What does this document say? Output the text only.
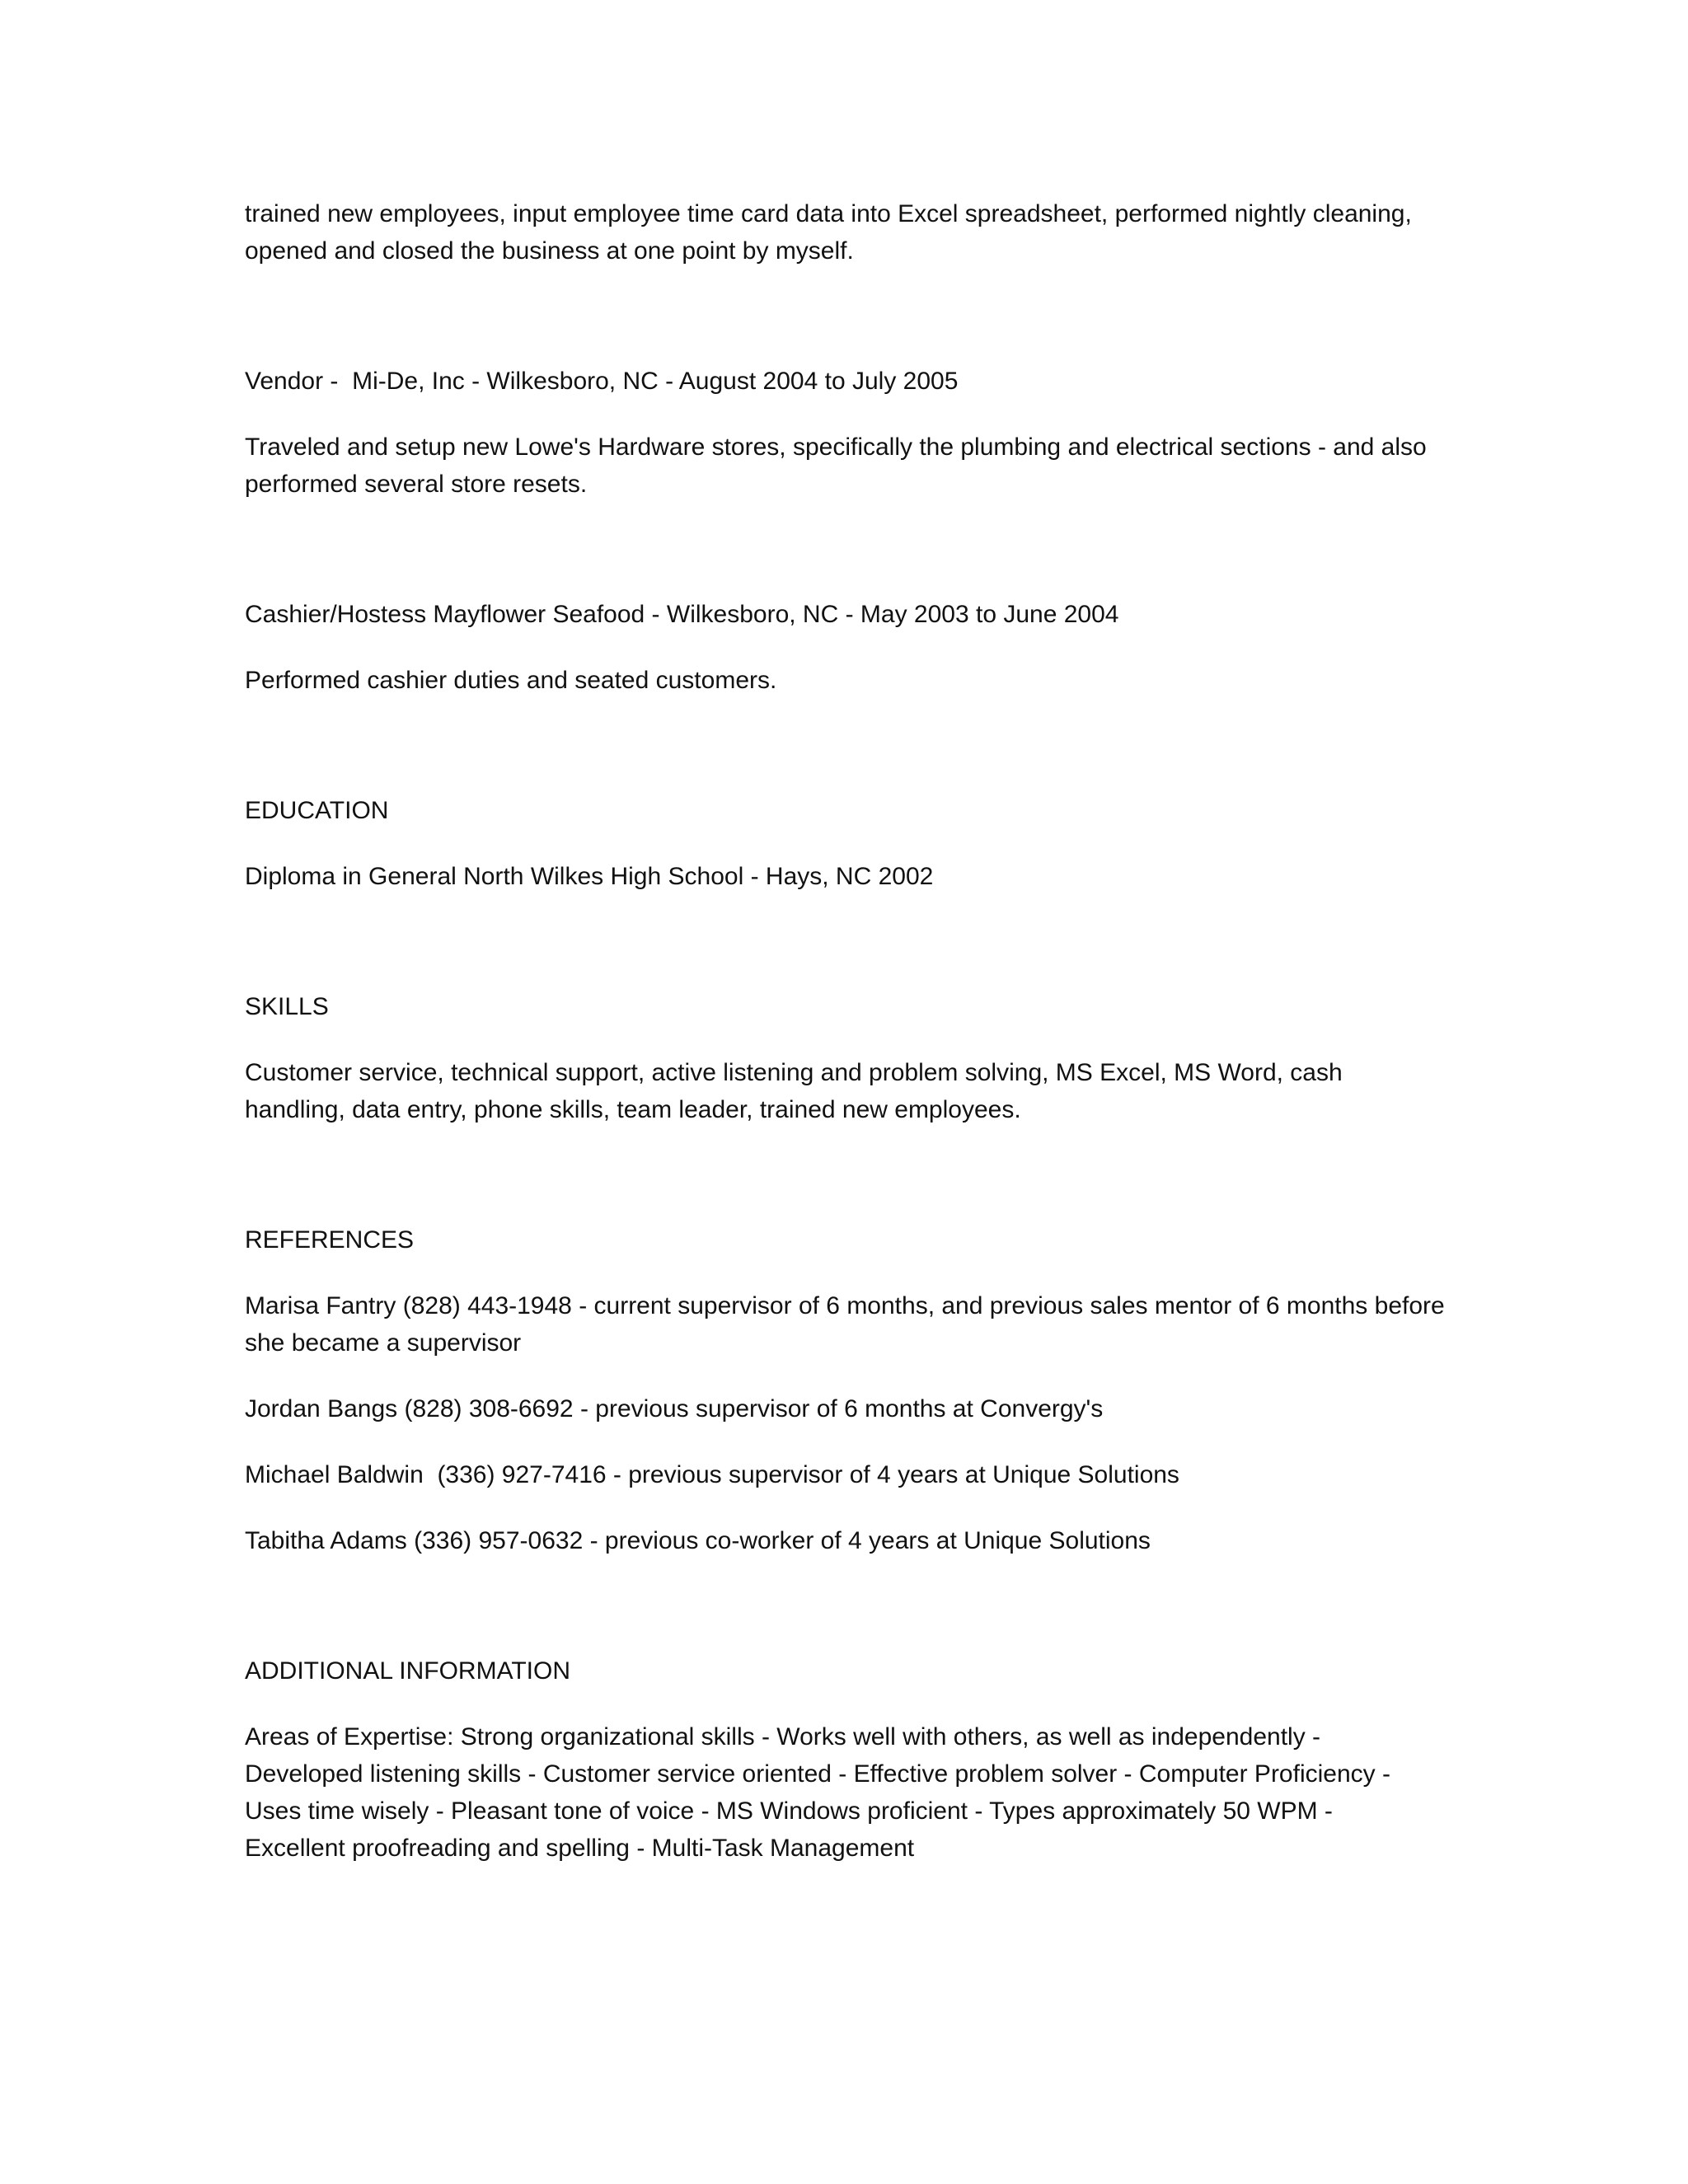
trained new employees, input employee time card data into Excel spreadsheet, performed nightly cleaning, opened and closed the business at one point by myself.

Vendor -  Mi-De, Inc - Wilkesboro, NC - August 2004 to July 2005

Traveled and setup new Lowe's Hardware stores, specifically the plumbing and electrical sections - and also performed several store resets.

Cashier/Hostess Mayflower Seafood - Wilkesboro, NC - May 2003 to June 2004

Performed cashier duties and seated customers.

EDUCATION

Diploma in General North Wilkes High School - Hays, NC 2002

SKILLS

Customer service, technical support, active listening and problem solving, MS Excel, MS Word, cash handling, data entry, phone skills, team leader, trained new employees.

REFERENCES

Marisa Fantry (828) 443-1948 - current supervisor of 6 months, and previous sales mentor of 6 months before she became a supervisor

Jordan Bangs (828) 308-6692 - previous supervisor of 6 months at Convergy's

Michael Baldwin  (336) 927-7416 - previous supervisor of 4 years at Unique Solutions

Tabitha Adams (336) 957-0632 - previous co-worker of 4 years at Unique Solutions

ADDITIONAL INFORMATION

Areas of Expertise: Strong organizational skills - Works well with others, as well as independently -

Developed listening skills - Customer service oriented - Effective problem solver - Computer Proficiency -

Uses time wisely - Pleasant tone of voice - MS Windows proficient - Types approximately 50 WPM -

Excellent proofreading and spelling - Multi-Task Management
